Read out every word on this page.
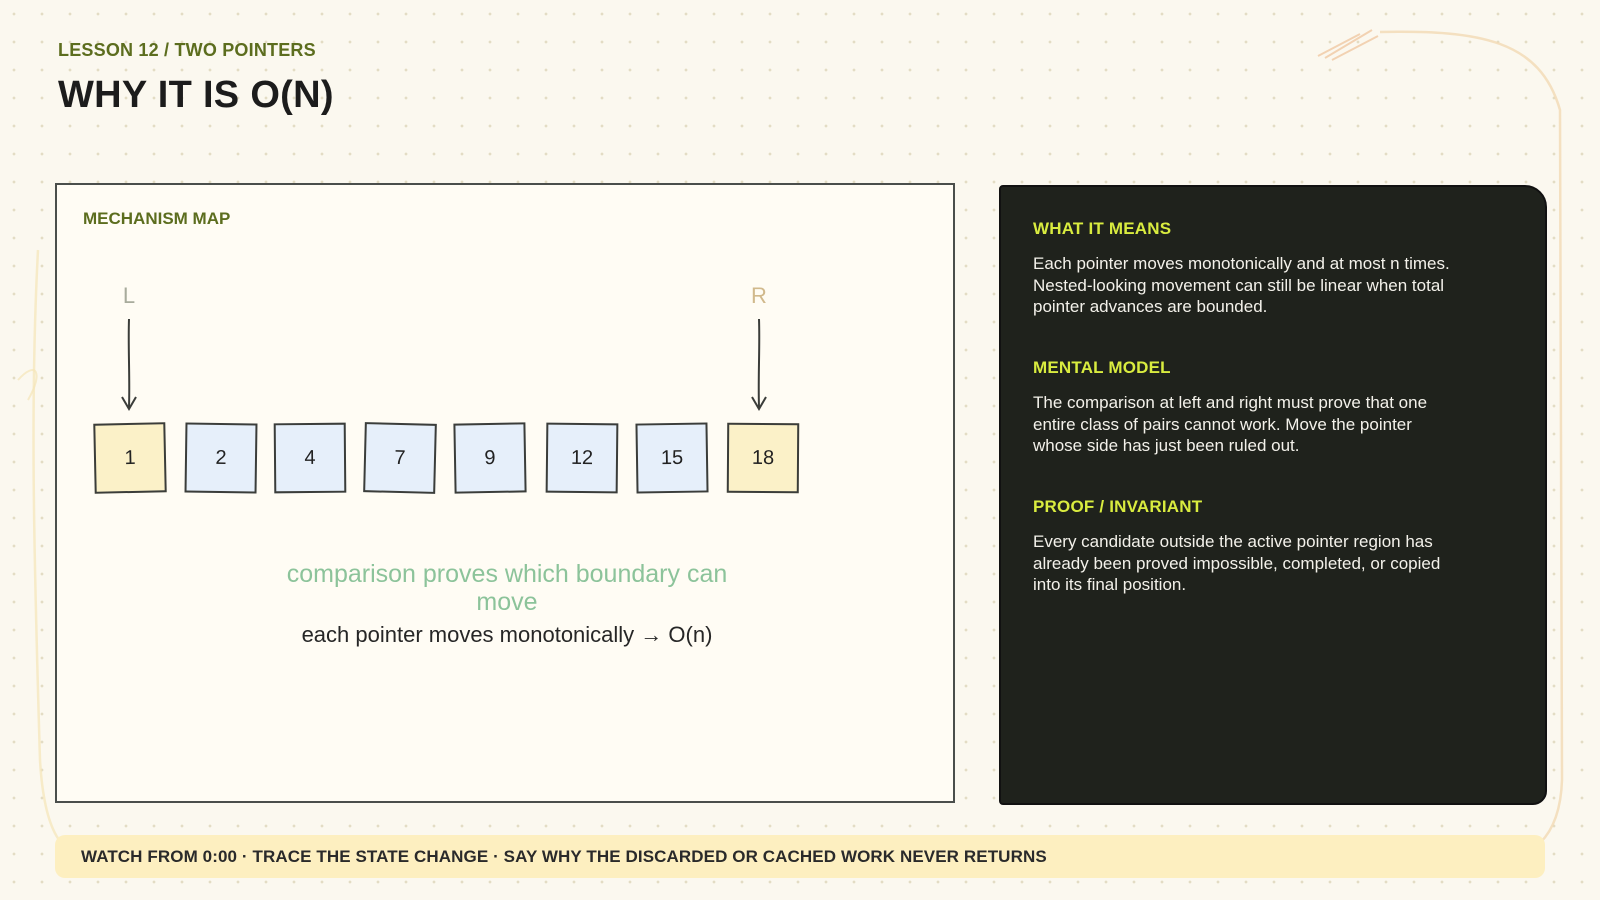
LESSON 12 / TWO POINTERS
WHY IT IS O(N)
MECHANISM MAP
L	R
1	2	4	7	9	12	15	18
comparison proves which boundary can move
each pointer moves monotonically → O(n)
WHAT IT MEANS
Each pointer moves monotonically and at most n times. Nested-looking movement can still be linear when total pointer advances are bounded.
MENTAL MODEL
The comparison at left and right must prove that one entire class of pairs cannot work. Move the pointer whose side has just been ruled out.
PROOF / INVARIANT
Every candidate outside the active pointer region has already been proved impossible, completed, or copied into its final position.
WATCH FROM 0:00 · TRACE THE STATE CHANGE · SAY WHY THE DISCARDED OR CACHED WORK NEVER RETURNS
